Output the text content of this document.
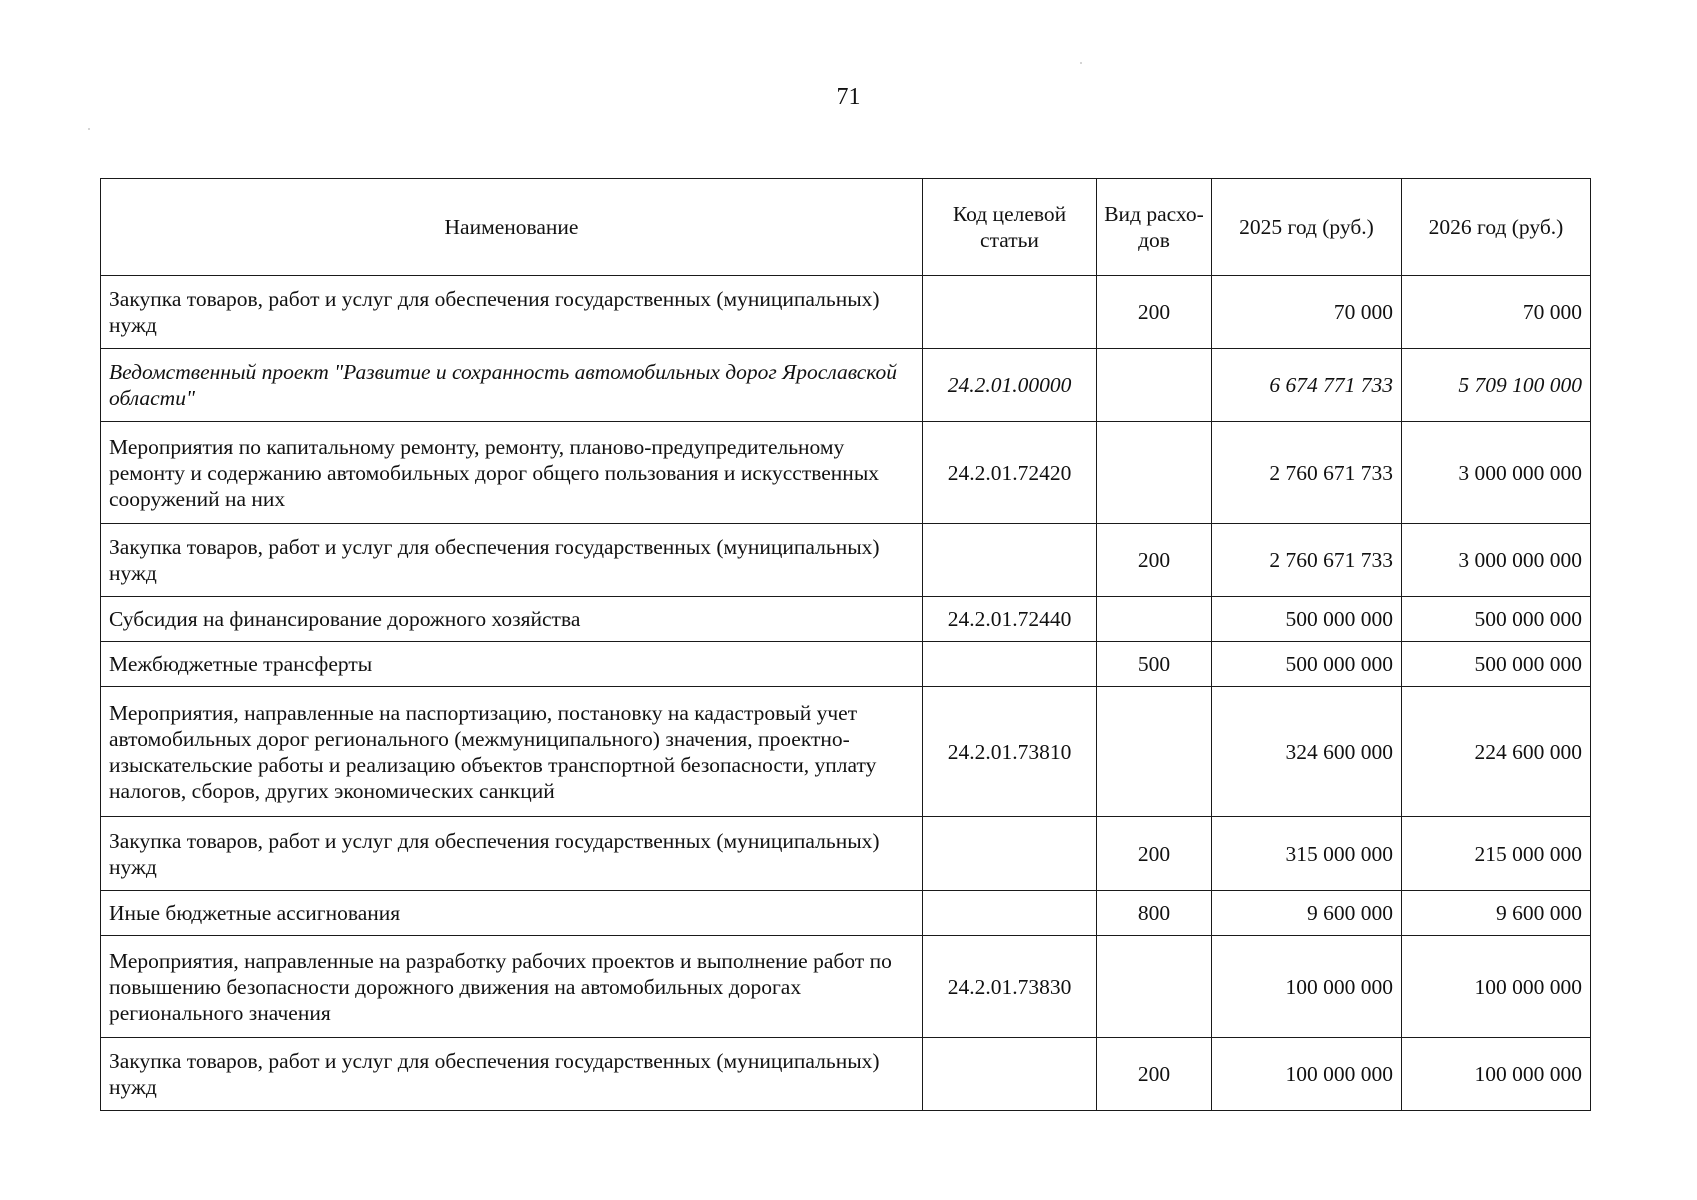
71
Наименование	Код целевой статьи	Вид расхо-дов	2025 год (руб.)	2026 год (руб.)
Закупка товаров, работ и услуг для обеспечения государственных (муниципальных) нужд		200	70 000	70 000
Ведомственный проект "Развитие и сохранность автомобильных дорог Ярославской области"	24.2.01.00000		6 674 771 733	5 709 100 000
Мероприятия по капитальному ремонту, ремонту, планово-предупредительному ремонту и содержанию автомобильных дорог общего пользования и искусственных сооружений на них	24.2.01.72420		2 760 671 733	3 000 000 000
Закупка товаров, работ и услуг для обеспечения государственных (муниципальных) нужд		200	2 760 671 733	3 000 000 000
Субсидия на финансирование дорожного хозяйства	24.2.01.72440		500 000 000	500 000 000
Межбюджетные трансферты		500	500 000 000	500 000 000
Мероприятия, направленные на паспортизацию, постановку на кадастровый учет автомобильных дорог регионального (межмуниципального) значения, проектно-изыскательские работы и реализацию объектов транспортной безопасности, уплату налогов, сборов, других экономических санкций	24.2.01.73810		324 600 000	224 600 000
Закупка товаров, работ и услуг для обеспечения государственных (муниципальных) нужд		200	315 000 000	215 000 000
Иные бюджетные ассигнования		800	9 600 000	9 600 000
Мероприятия, направленные на разработку рабочих проектов и выполнение работ по повышению безопасности дорожного движения на автомобильных дорогах регионального значения	24.2.01.73830		100 000 000	100 000 000
Закупка товаров, работ и услуг для обеспечения государственных (муниципальных) нужд		200	100 000 000	100 000 000
